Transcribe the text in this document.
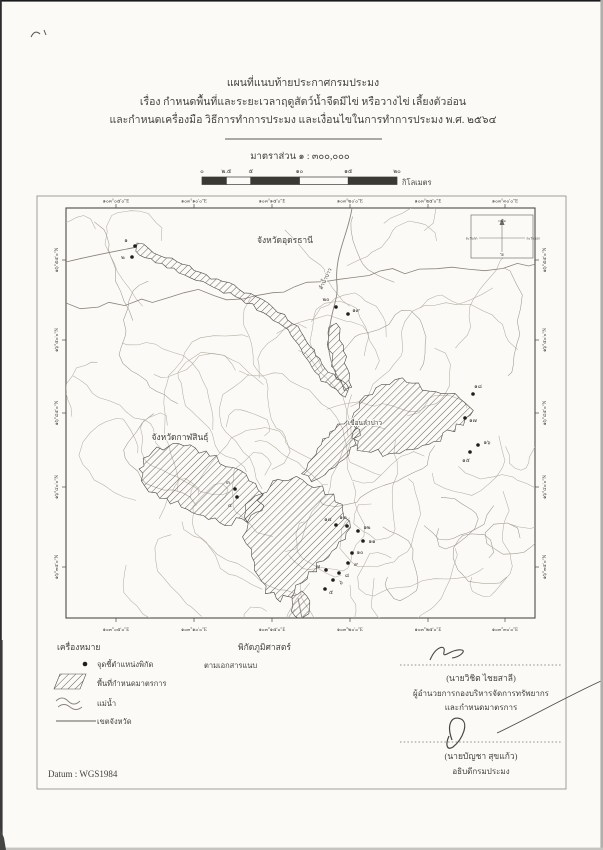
๑๐๓°๐๕'๐"E
๑๐๓°๐๕'๐"E
๑๐๓°๑๐'๐"E
๑๐๓°๑๐'๐"E
๑๐๓°๑๕'๐"E
๑๐๓°๑๕'๐"E
๑๐๓°๒๐'๐"E
๑๐๓°๒๐'๐"E
๑๐๓°๒๕'๐"E
๑๐๓°๒๕'๐"E
๑๐๓°๓๐'๐"E
๑๐๓°๓๐'๐"E
๑๖°๕๕'๐"N	๑๖°๕๕'๐"N
๑๖°๕๐'๐"N	๑๖°๕๐'๐"N
๑๖°๔๕'๐"N	๑๖°๔๕'๐"N
๑๖°๔๐'๐"N	๑๖°๔๐'๐"N
๑๖°๓๕'๐"N	๑๖°๓๕'๐"N
๑
๒
๓
๔
๕
๖
๗
๘
๙
๑๐
๑๑
๑๒
๑๓
๑๔
๑๕
๑๖
๑๗
๑๘
๑๙
๒๐
๐	๒.๕	๕	๑๐	๑๕	๒๐
แผนที่แนบท้ายประกาศกรมประมง
เรื่อง กำหนดพื้นที่และระยะเวลาฤดูสัตว์น้ำจืดมีไข่ หรือวางไข่ เลี้ยงตัวอ่อน
และกำหนดเครื่องมือ วิธีการทำการประมง และเงื่อนไขในการทำการประมง พ.ศ. ๒๕๖๔
มาตราส่วน ๑ : ๓๐๐,๐๐๐
กิโลเมตร
จังหวัดอุดรธานี
จังหวัดกาฬสินธุ์
เขื่อนลำปาว
ลำน้ำปาว
เหนือ
ใต้
ตะวันตก	ตะวันออก
เครื่องหมาย
จุดชี้ตำแหน่งพิกัด
พื้นที่กำหนดมาตรการ
แม่น้ำ
เขตจังหวัด
พิกัดภูมิศาสตร์
ตามเอกสารแนบ
(นายวิชิต ไชยสาลี)
ผู้อำนวยการกองบริหารจัดการทรัพยากร
และกำหนดมาตรการ
(นายบัญชา สุขแก้ว)
อธิบดีกรมประมง
Datum : WGS1984
